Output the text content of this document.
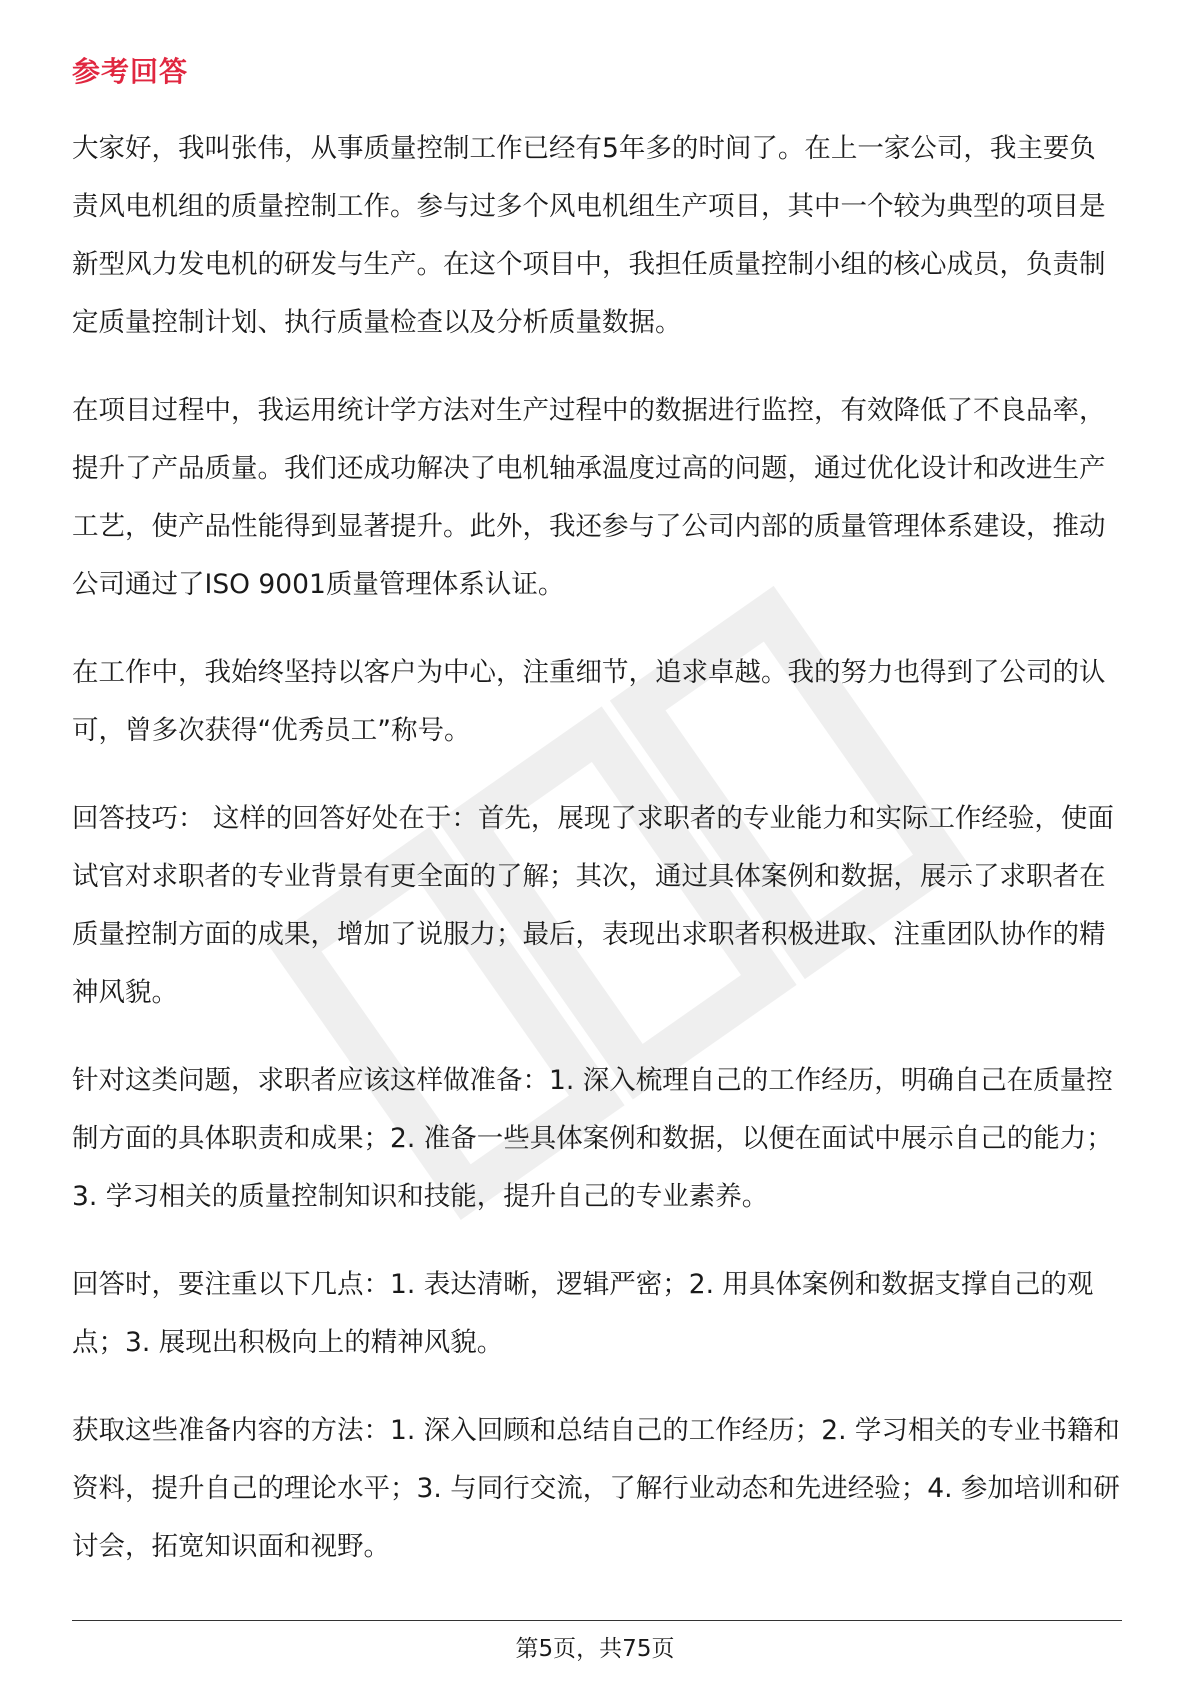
参考回答

大家好，我叫张伟，从事质量控制工作已经有5年多的时间了。在上一家公司，我主要负责风电机组的质量控制工作。参与过多个风电机组生产项目，其中一个较为典型的项目是新型风力发电机的研发与生产。在这个项目中，我担任质量控制小组的核心成员，负责制定质量控制计划、执行质量检查以及分析质量数据。

在项目过程中，我运用统计学方法对生产过程中的数据进行监控，有效降低了不良品率，提升了产品质量。我们还成功解决了电机轴承温度过高的问题，通过优化设计和改进生产工艺，使产品性能得到显著提升。此外，我还参与了公司内部的质量管理体系建设，推动公司通过了ISO 9001质量管理体系认证。

在工作中，我始终坚持以客户为中心，注重细节，追求卓越。我的努力也得到了公司的认可，曾多次获得“优秀员工”称号。

回答技巧： 这样的回答好处在于：首先，展现了求职者的专业能力和实际工作经验，使面试官对求职者的专业背景有更全面的了解；其次，通过具体案例和数据，展示了求职者在质量控制方面的成果，增加了说服力；最后，表现出求职者积极进取、注重团队协作的精神风貌。

针对这类问题，求职者应该这样做准备：1. 深入梳理自己的工作经历，明确自己在质量控制方面的具体职责和成果；2. 准备一些具体案例和数据，以便在面试中展示自己的能力；3. 学习相关的质量控制知识和技能，提升自己的专业素养。

回答时，要注重以下几点：1. 表达清晰，逻辑严密；2. 用具体案例和数据支撑自己的观点；3. 展现出积极向上的精神风貌。

获取这些准备内容的方法：1. 深入回顾和总结自己的工作经历；2. 学习相关的专业书籍和资料，提升自己的理论水平；3. 与同行交流，了解行业动态和先进经验；4. 参加培训和研讨会，拓宽知识面和视野。

第5页，共75页
